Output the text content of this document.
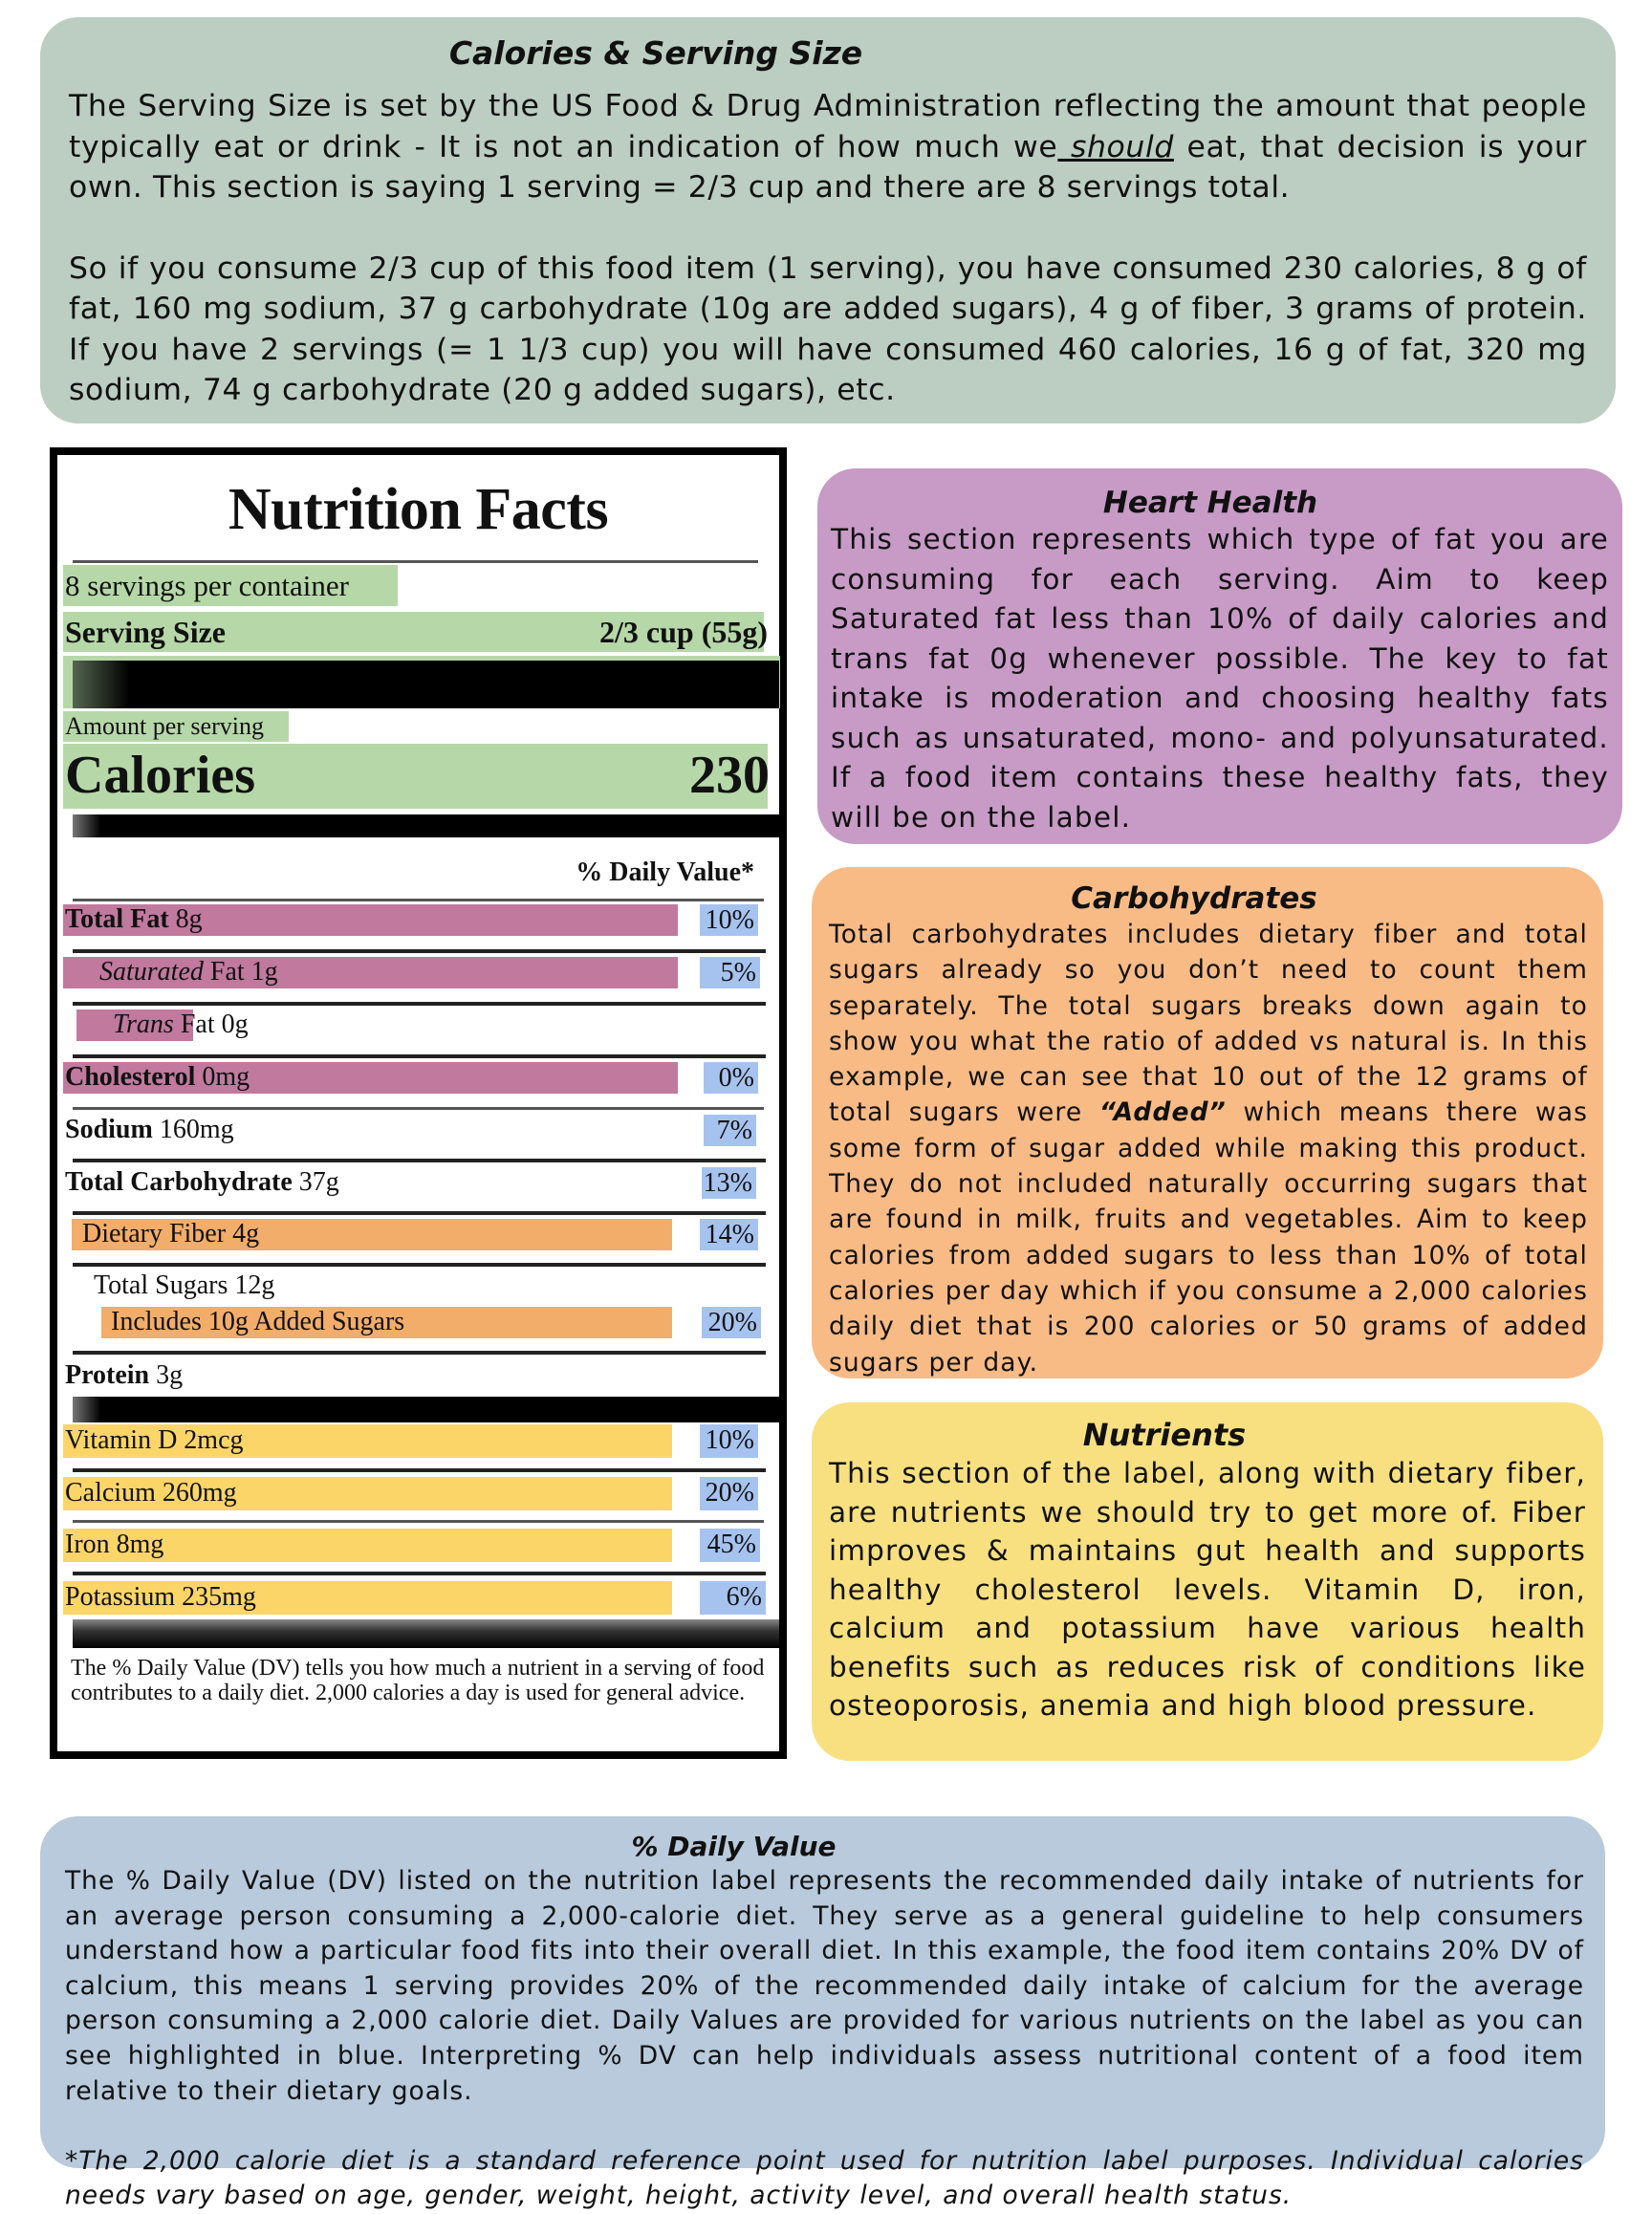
Calories & Serving Size

The Serving Size is set by the US Food & Drug Administration reflecting the amount that people typically eat or drink - It is not an indication of how much we should eat, that decision is your own. This section is saying 1 serving = 2/3 cup and there are 8 servings total.

So if you consume 2/3 cup of this food item (1 serving), you have consumed 230 calories, 8 g of fat, 160 mg sodium, 37 g carbohydrate (10g are added sugars), 4 g of fiber, 3 grams of protein. If you have 2 servings (= 1 1/3 cup) you will have consumed 460 calories, 16 g of fat, 320 mg sodium, 74 g carbohydrate (20 g added sugars), etc.

Nutrition Facts
8 servings per container
Serving Size	2/3 cup (55g)
Amount per serving
Calories	230
% Daily Value*
Total Fat 8g	10%
Saturated Fat 1g	5%
Trans Fat 0g
Cholesterol 0mg	0%
Sodium 160mg	7%
Total Carbohydrate 37g	13%
Dietary Fiber 4g	14%
Total Sugars 12g
Includes 10g Added Sugars	20%
Protein 3g
Vitamin D 2mcg	10%
Calcium 260mg	20%
Iron 8mg	45%
Potassium 235mg	6%
The % Daily Value (DV) tells you how much a nutrient in a serving of food contributes to a daily diet. 2,000 calories a day is used for general advice.
Heart Health

This section represents which type of fat you are consuming for each serving. Aim to keep Saturated fat less than 10% of daily calories and trans fat 0g whenever possible. The key to fat intake is moderation and choosing healthy fats such as unsaturated, mono- and polyunsaturated. If a food item contains these healthy fats, they will be on the label.

Carbohydrates

Total carbohydrates includes dietary fiber and total sugars already so you don’t need to count them separately. The total sugars breaks down again to show you what the ratio of added vs natural is. In this example, we can see that 10 out of the 12 grams of total sugars were “Added” which means there was some form of sugar added while making this product. They do not included naturally occurring sugars that are found in milk, fruits and vegetables. Aim to keep calories from added sugars to less than 10% of total calories per day which if you consume a 2,000 calories daily diet that is 200 calories or 50 grams of added sugars per day.

Nutrients

This section of the label, along with dietary fiber, are nutrients we should try to get more of. Fiber improves & maintains gut health and supports healthy cholesterol levels. Vitamin D, iron, calcium and potassium have various health benefits such as reduces risk of conditions like osteoporosis, anemia and high blood pressure.

% Daily Value

The % Daily Value (DV) listed on the nutrition label represents the recommended daily intake of nutrients for an average person consuming a 2,000-calorie diet. They serve as a general guideline to help consumers understand how a particular food fits into their overall diet. In this example, the food item contains 20% DV of calcium, this means 1 serving provides 20% of the recommended daily intake of calcium for the average person consuming a 2,000 calorie diet. Daily Values are provided for various nutrients on the label as you can see highlighted in blue. Interpreting % DV can help individuals assess nutritional content of a food item relative to their dietary goals.

*The 2,000 calorie diet is a standard reference point used for nutrition label purposes. Individual calories needs vary based on age, gender, weight, height, activity level, and overall health status.
